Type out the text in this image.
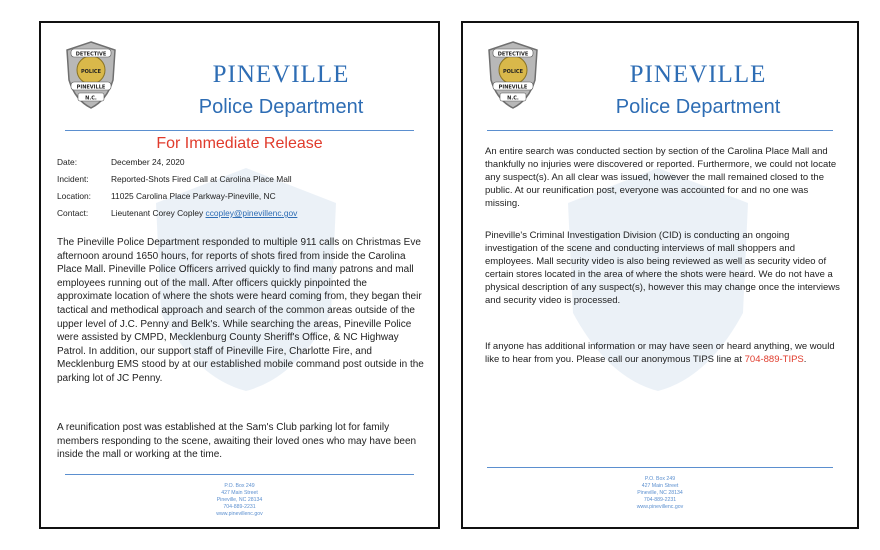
DETECTIVE
POLICE
PINEVILLE
N.C.
PINEVILLE
Police Department
For Immediate Release
Date:	December 24, 2020
Incident:	Reported-Shots Fired Call at Carolina Place Mall
Location: 11025 Carolina Place Parkway-Pineville, NC
Contact:	Lieutenant Corey Copley ccopley@pinevillenc.gov

The Pineville Police Department responded to multiple 911 calls on Christmas Eve afternoon around 1650 hours, for reports of shots fired from inside the Carolina Place Mall. Pineville Police Officers arrived quickly to find many patrons and mall employees running out of the mall. After officers quickly pinpointed the approximate location of where the shots were heard coming from, they began their tactical and methodical approach and search of the common areas outside of the upper level of J.C. Penny and Belk's. While searching the areas, Pineville Police were assisted by CMPD, Mecklenburg County Sheriff's Office, & NC Highway Patrol. In addition, our support staff of Pineville Fire, Charlotte Fire, and Mecklenburg EMS stood by at our established mobile command post outside in the parking lot of JC Penny.

A reunification post was established at the Sam's Club parking lot for family members responding to the scene, awaiting their loved ones who may have been inside the mall or working at the time.

P.O. Box 249
427 Main Street
Pineville, NC 28134
704-889-2231
www.pinevillenc.gov
DETECTIVE
POLICE
PINEVILLE
N.C.
PINEVILLE
Police Department

An entire search was conducted section by section of the Carolina Place Mall and thankfully no injuries were discovered or reported. Furthermore, we could not locate any suspect(s). An all clear was issued, however the mall remained closed to the public. At our reunification post, everyone was accounted for and no one was missing.

Pineville's Criminal Investigation Division (CID) is conducting an ongoing investigation of the scene and conducting interviews of mall shoppers and employees. Mall security video is also being reviewed as well as security video of certain stores located in the area of where the shots were heard. We do not have a physical description of any suspect(s), however this may change once the interviews and security video is processed.

If anyone has additional information or may have seen or heard anything, we would like to hear from you. Please call our anonymous TIPS line at 704-889-TIPS.

P.O. Box 249
427 Main Street
Pineville, NC 28134
704-889-2231
www.pinevillenc.gov
